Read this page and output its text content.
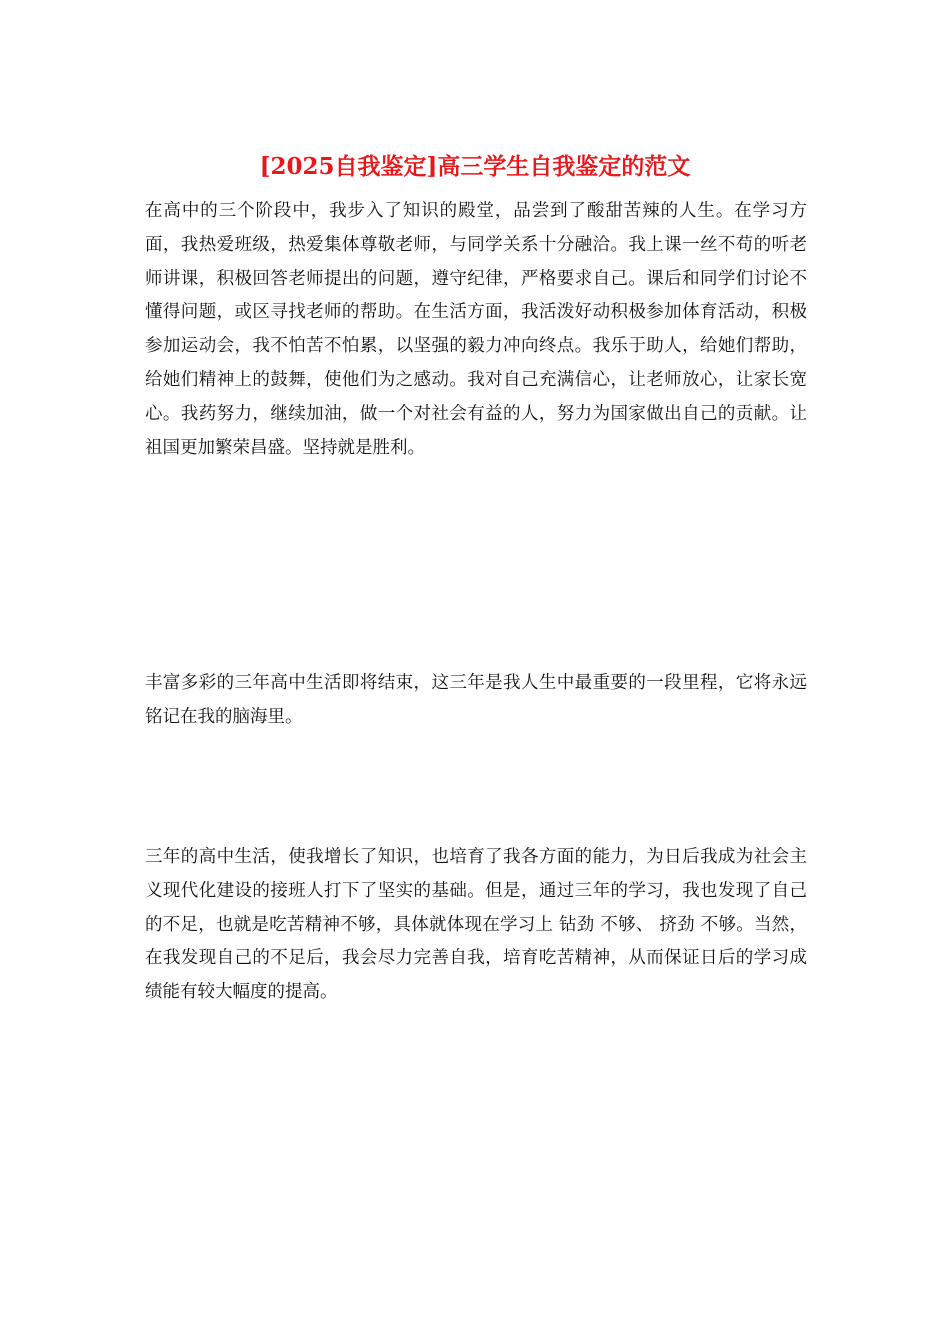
[2025自我鉴定]高三学生自我鉴定的范文

在高中的三个阶段中，我步入了知识的殿堂，品尝到了酸甜苦辣的人生。在学习方面，我热爱班级，热爱集体尊敬老师，与同学关系十分融洽。我上课一丝不苟的听老师讲课，积极回答老师提出的问题，遵守纪律，严格要求自己。课后和同学们讨论不懂得问题，或区寻找老师的帮助。在生活方面，我活泼好动积极参加体育活动，积极参加运动会，我不怕苦不怕累，以坚强的毅力冲向终点。我乐于助人，给她们帮助，给她们精神上的鼓舞，使他们为之感动。我对自己充满信心，让老师放心，让家长宽心。我药努力，继续加油，做一个对社会有益的人，努力为国家做出自己的贡献。让祖国更加繁荣昌盛。坚持就是胜利。

丰富多彩的三年高中生活即将结束，这三年是我人生中最重要的一段里程，它将永远铭记在我的脑海里。

三年的高中生活，使我增长了知识，也培育了我各方面的能力，为日后我成为社会主义现代化建设的接班人打下了坚实的基础。但是，通过三年的学习，我也发现了自己的不足，也就是吃苦精神不够，具体就体现在学习上 钻劲 不够、 挤劲 不够。当然，在我发现自己的不足后，我会尽力完善自我，培育吃苦精神，从而保证日后的学习成绩能有较大幅度的提高。
